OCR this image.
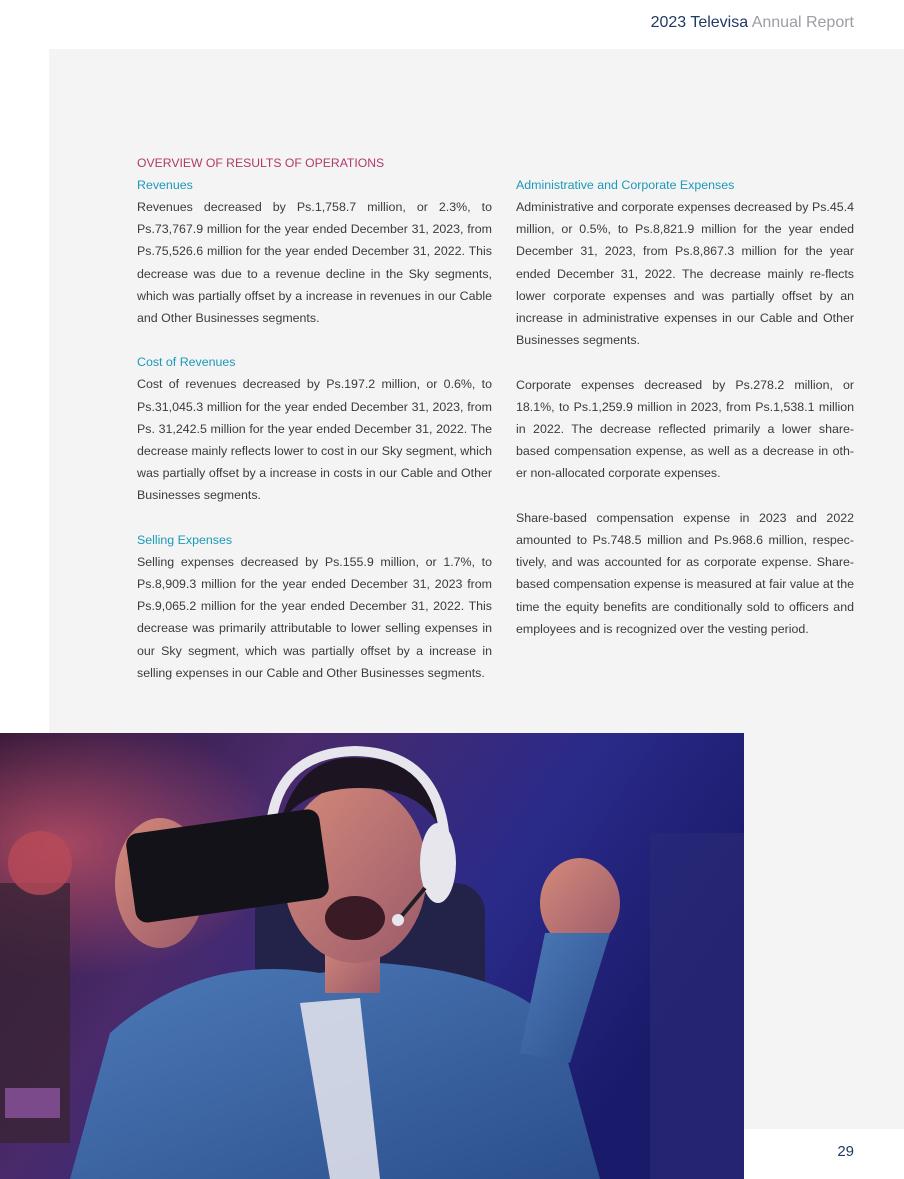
2023 Televisa Annual Report
OVERVIEW OF RESULTS OF OPERATIONS
Revenues

Revenues decreased by Ps.1,758.7 million, or 2.3%, to Ps.73,767.9 million for the year ended December 31, 2023, from Ps.75,526.6 million for the year ended December 31, 2022. This decrease was due to a revenue decline in the Sky segments, which was partially offset by a increase in revenues in our Cable and Other Businesses segments.

Cost of Revenues

Cost of revenues decreased by Ps.197.2 million, or 0.6%, to Ps.31,045.3 million for the year ended December 31, 2023, from Ps. 31,242.5 million for the year ended December 31, 2022. The decrease mainly reflects lower to cost in our Sky segment, which was partially offset by a increase in costs in our Cable and Other Businesses segments.

Selling Expenses

Selling expenses decreased by Ps.155.9 million, or 1.7%, to Ps.8,909.3 million for the year ended December 31, 2023 from Ps.9,065.2 million for the year ended December 31, 2022. This decrease was primarily attributable to lower selling expenses in our Sky segment, which was partially offset by a increase in selling expenses in our Cable and Other Businesses segments.

Administrative and Corporate Expenses

Administrative and corporate expenses decreased by Ps.45.4 million, or 0.5%, to Ps.8,821.9 million for the year ended December 31, 2023, from Ps.8,867.3 million for the year ended December 31, 2022. The decrease mainly re-flects lower corporate expenses and was partially offset by an increase in administrative expenses in our Cable and Other Businesses segments.

Corporate expenses decreased by Ps.278.2 million, or 18.1%, to Ps.1,259.9 million in 2023, from Ps.1,538.1 million in 2022. The decrease reflected primarily a lower share-based compensation expense, as well as a decrease in oth-er non-allocated corporate expenses.

Share-based compensation expense in 2023 and 2022 amounted to Ps.748.5 million and Ps.968.6 million, respec-tively, and was accounted for as corporate expense. Share-based compensation expense is measured at fair value at the time the equity benefits are conditionally sold to officers and employees and is recognized over the vesting period.

29
